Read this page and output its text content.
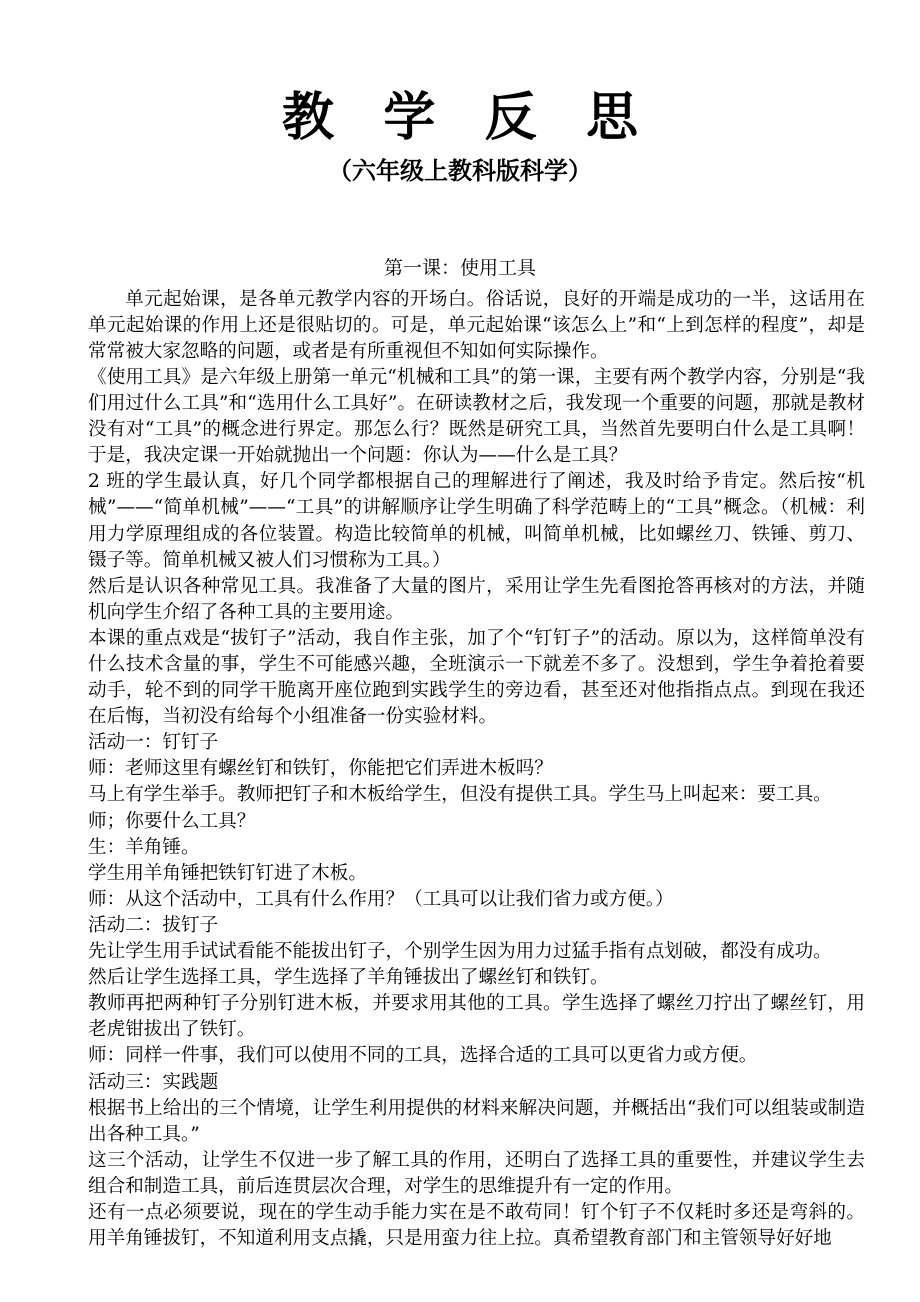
教 学 反 思
（六年级上教科版科学）
第一课：使用工具

单元起始课，是各单元教学内容的开场白。俗话说，良好的开端是成功的一半，这话用在单元起始课的作用上还是很贴切的。可是，单元起始课“该怎么上”和“上到怎样的程度”，却是常常被大家忽略的问题，或者是有所重视但不知如何实际操作。

《使用工具》是六年级上册第一单元“机械和工具”的第一课，主要有两个教学内容，分别是“我们用过什么工具”和“选用什么工具好”。在研读教材之后，我发现一个重要的问题，那就是教材没有对“工具”的概念进行界定。那怎么行？既然是研究工具，当然首先要明白什么是工具啊！于是，我决定课一开始就抛出一个问题：你认为——什么是工具？

2 班的学生最认真，好几个同学都根据自己的理解进行了阐述，我及时给予肯定。然后按“机械”——“简单机械”——“工具”的讲解顺序让学生明确了科学范畴上的“工具”概念。（机械：利用力学原理组成的各位装置。构造比较简单的机械，叫简单机械，比如螺丝刀、铁锤、剪刀、镊子等。简单机械又被人们习惯称为工具。）

然后是认识各种常见工具。我准备了大量的图片，采用让学生先看图抢答再核对的方法，并随机向学生介绍了各种工具的主要用途。

本课的重点戏是“拔钉子”活动，我自作主张，加了个“钉钉子”的活动。原以为，这样简单没有什么技术含量的事，学生不可能感兴趣，全班演示一下就差不多了。没想到，学生争着抢着要动手，轮不到的同学干脆离开座位跑到实践学生的旁边看，甚至还对他指指点点。到现在我还在后悔，当初没有给每个小组准备一份实验材料。

活动一：钉钉子

师：老师这里有螺丝钉和铁钉，你能把它们弄进木板吗？

马上有学生举手。教师把钉子和木板给学生，但没有提供工具。学生马上叫起来：要工具。

师；你要什么工具？

生：羊角锤。

学生用羊角锤把铁钉钉进了木板。

师：从这个活动中，工具有什么作用？（工具可以让我们省力或方便。）

活动二：拔钉子

先让学生用手试试看能不能拔出钉子，个别学生因为用力过猛手指有点划破，都没有成功。

然后让学生选择工具，学生选择了羊角锤拔出了螺丝钉和铁钉。

教师再把两种钉子分别钉进木板，并要求用其他的工具。学生选择了螺丝刀拧出了螺丝钉，用老虎钳拔出了铁钉。

师：同样一件事，我们可以使用不同的工具，选择合适的工具可以更省力或方便。

活动三：实践题

根据书上给出的三个情境，让学生利用提供的材料来解决问题，并概括出“我们可以组装或制造出各种工具。”

这三个活动，让学生不仅进一步了解工具的作用，还明白了选择工具的重要性，并建议学生去组合和制造工具，前后连贯层次合理，对学生的思维提升有一定的作用。

还有一点必须要说，现在的学生动手能力实在是不敢苟同！钉个钉子不仅耗时多还是弯斜的。用羊角锤拔钉，不知道利用支点撬，只是用蛮力往上拉。真希望教育部门和主管领导好好地
